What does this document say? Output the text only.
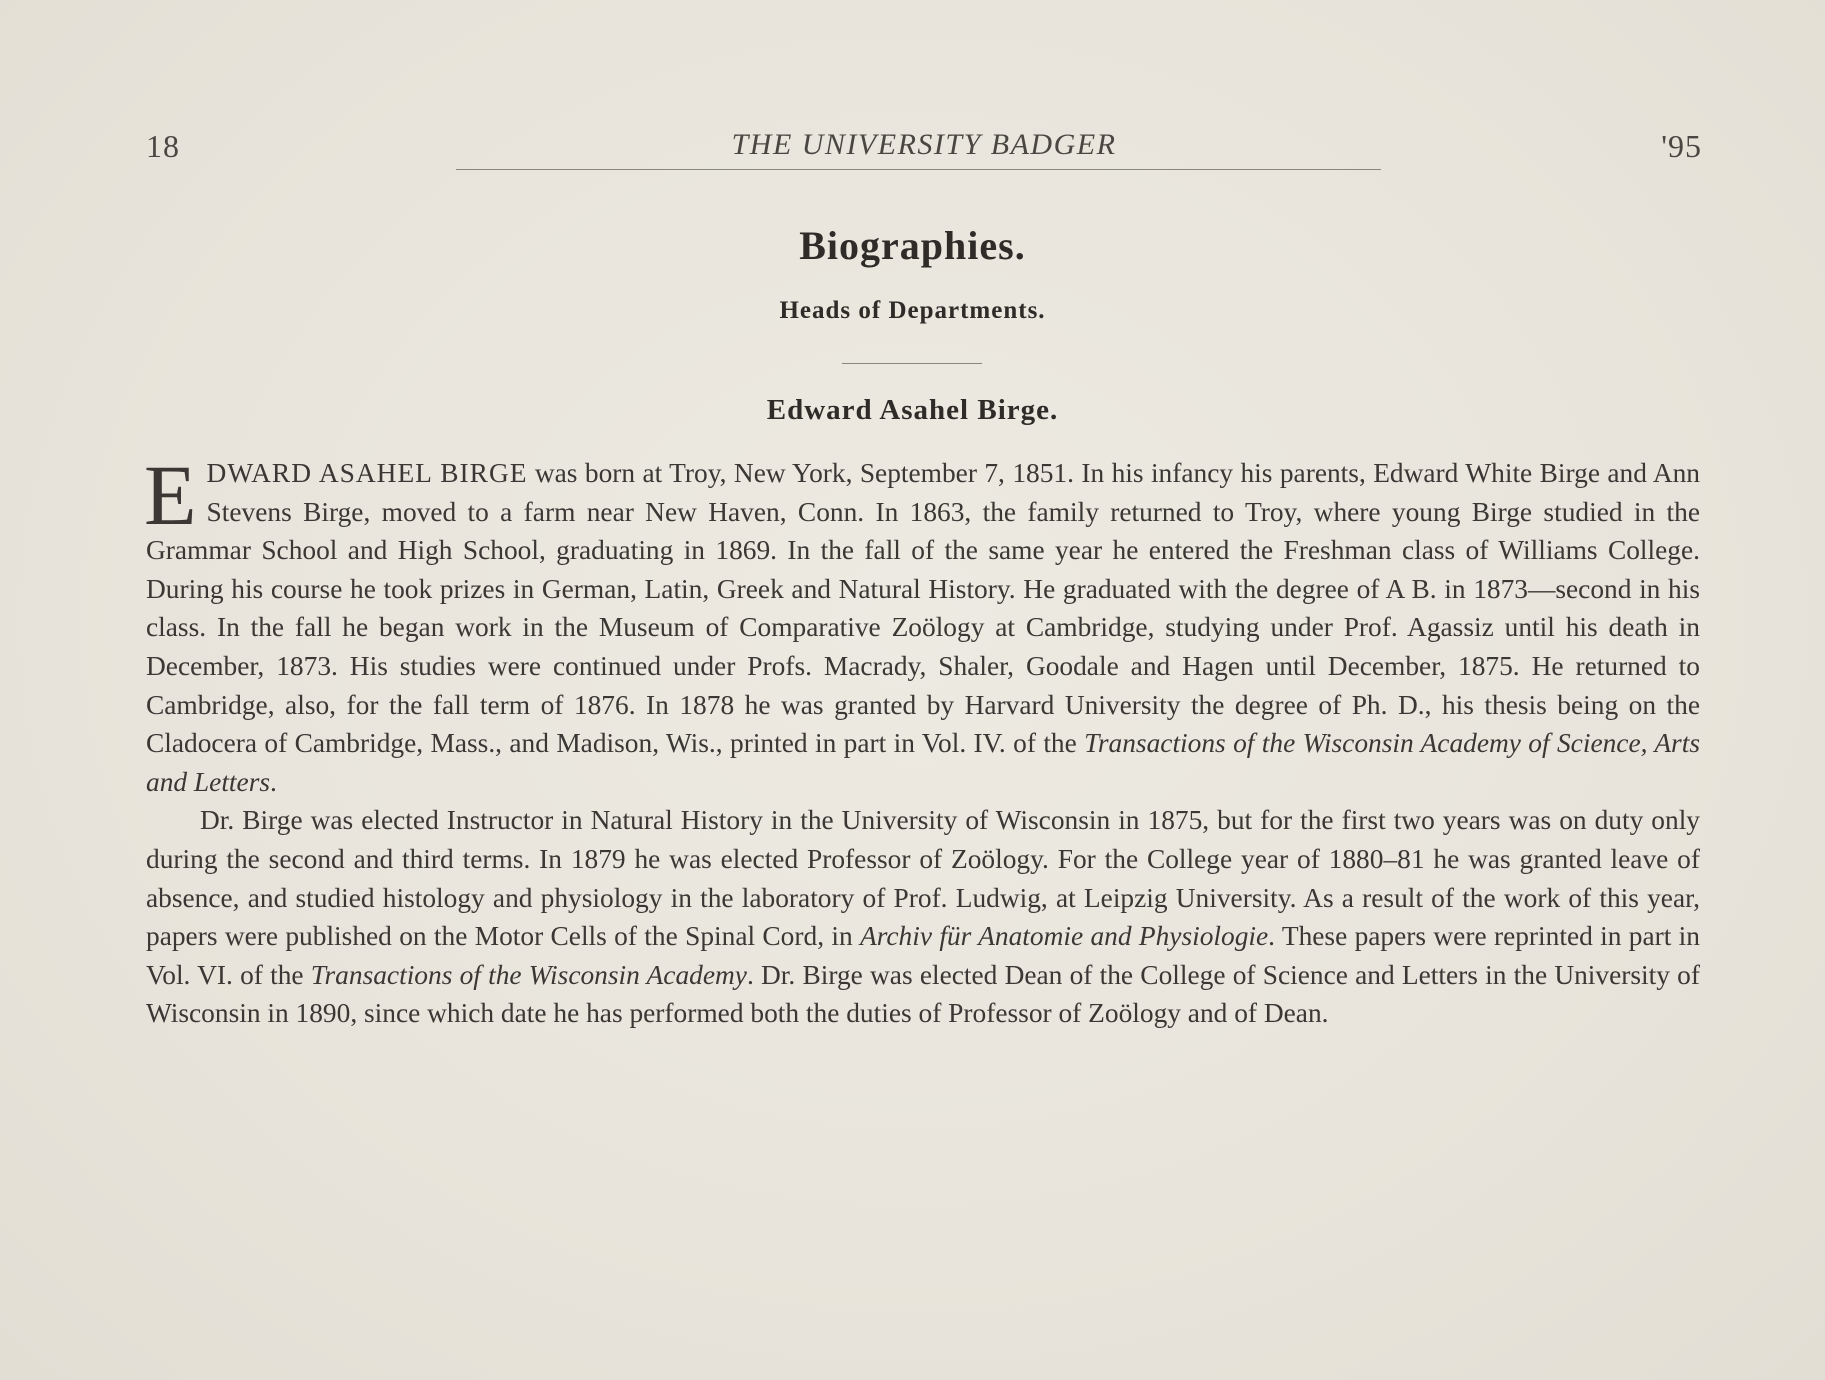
18	THE UNIVERSITY BADGER	'95
Biographies.
Heads of Departments.
Edward Asahel Birge.

EDWARD ASAHEL BIRGE was born at Troy, New York, September 7, 1851. In his infancy his parents, Edward White Birge and Ann Stevens Birge, moved to a farm near New Haven, Conn. In 1863, the family returned to Troy, where young Birge studied in the Grammar School and High School, graduating in 1869. In the fall of the same year he entered the Freshman class of Williams College. During his course he took prizes in German, Latin, Greek and Natural History. He graduated with the degree of A B. in 1873—second in his class. In the fall he began work in the Museum of Comparative Zoölogy at Cambridge, studying under Prof. Agassiz until his death in December, 1873. His studies were continued under Profs. Macrady, Shaler, Goodale and Hagen until December, 1875. He returned to Cambridge, also, for the fall term of 1876. In 1878 he was granted by Harvard University the degree of Ph. D., his thesis being on the Cladocera of Cambridge, Mass., and Madison, Wis., printed in part in Vol. IV. of the Transactions of the Wisconsin Academy of Science, Arts and Letters.

Dr. Birge was elected Instructor in Natural History in the University of Wisconsin in 1875, but for the first two years was on duty only during the second and third terms. In 1879 he was elected Professor of Zoölogy. For the College year of 1880–81 he was granted leave of absence, and studied histology and physiology in the laboratory of Prof. Ludwig, at Leipzig University. As a result of the work of this year, papers were published on the Motor Cells of the Spinal Cord, in Archiv für Anatomie and Physiologie. These papers were reprinted in part in Vol. VI. of the Transactions of the Wisconsin Academy. Dr. Birge was elected Dean of the College of Science and Letters in the University of Wisconsin in 1890, since which date he has performed both the duties of Professor of Zoölogy and of Dean.
